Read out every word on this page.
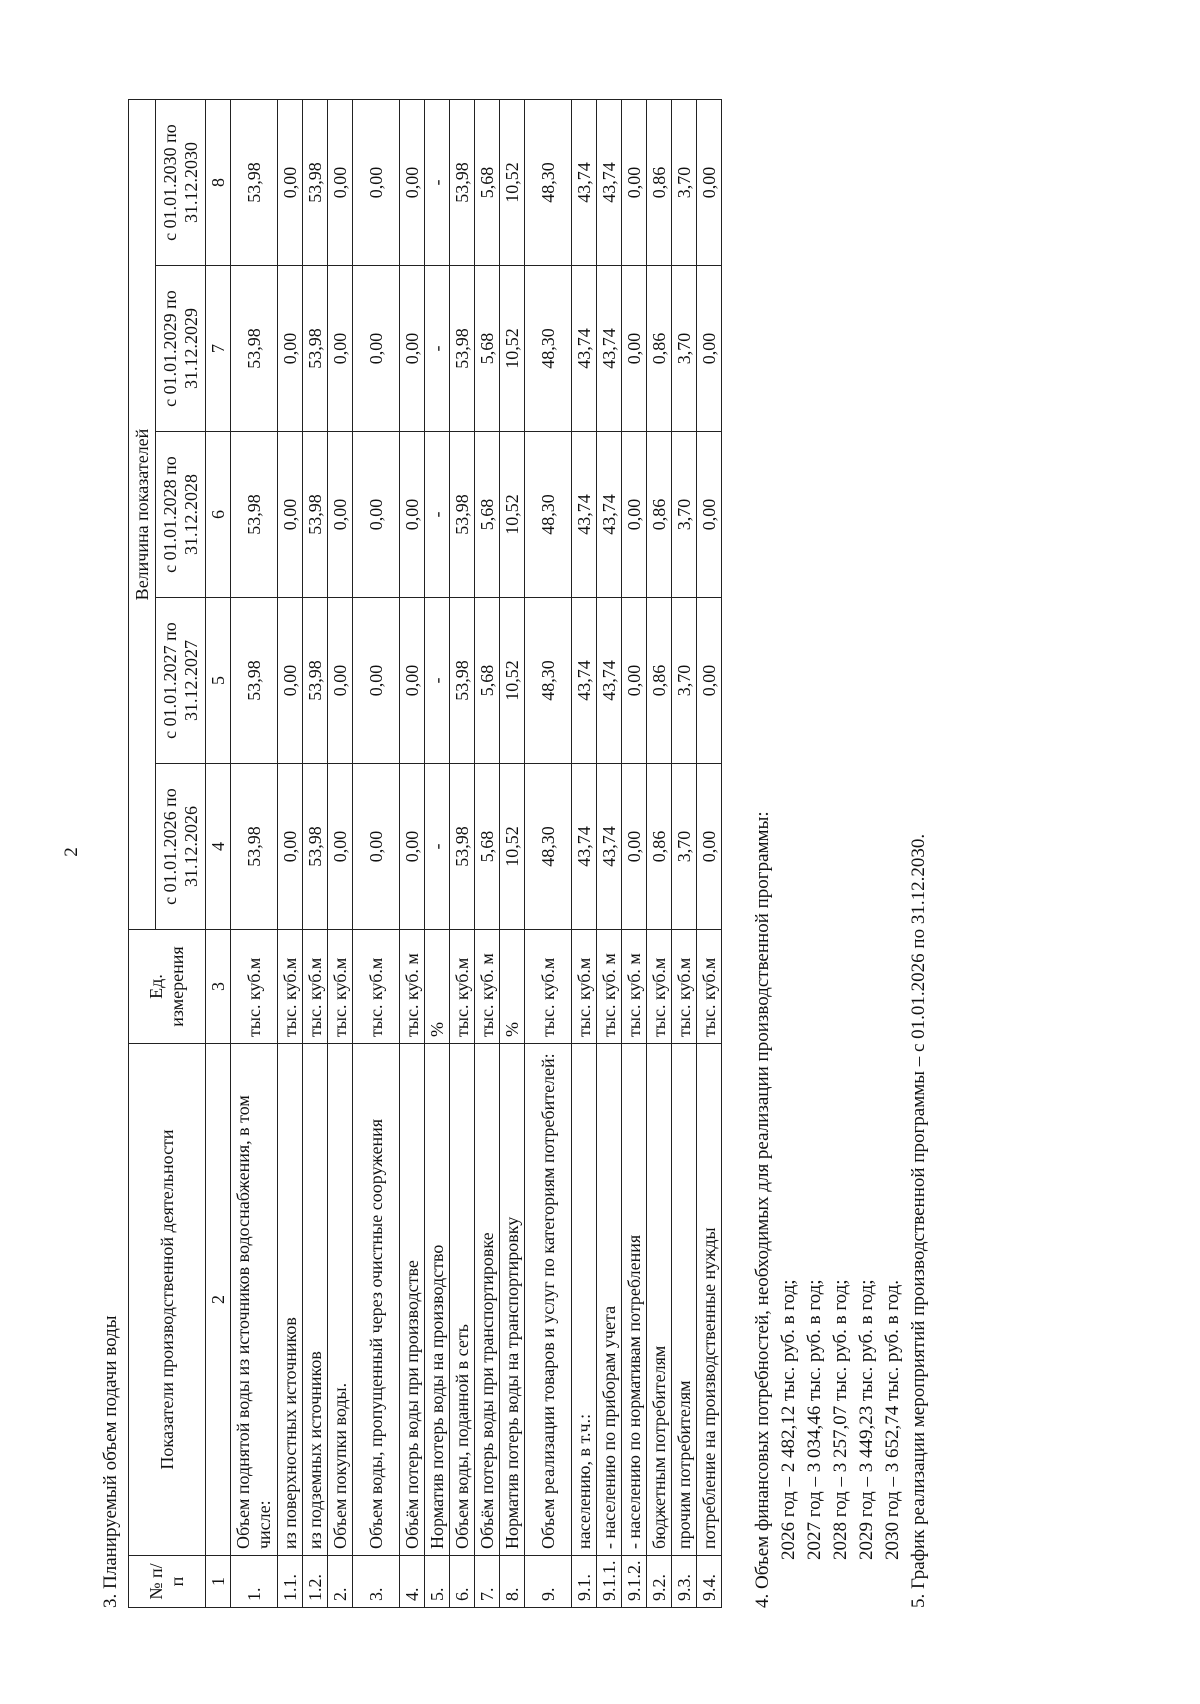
2
3. Планируемый объем подачи воды № п/п	Показатели производственной деятельности	Ед. измерения	Величина показателей				
			с 01.01.2026 по 31.12.2026	с 01.01.2027 по 31.12.2027	с 01.01.2028 по 31.12.2028	с 01.01.2029 по 31.12.2029	с 01.01.2030 по 31.12.2030
1	2	3	4	5	6	7	8
1.	Объем поднятой воды из источников водоснабжения, в том числе:	тыс. куб.м	53,98	53,98	53,98	53,98	53,98
1.1.	из поверхностных источников	тыс. куб.м	0,00	0,00	0,00	0,00	0,00
1.2.	из подземных источников	тыс. куб.м	53,98	53,98	53,98	53,98	53,98
2.	Объем покупки воды.	тыс. куб.м	0,00	0,00	0,00	0,00	0,00
3.	Объем воды, пропущенный через очистные сооружения	тыс. куб.м	0,00	0,00	0,00	0,00	0,00
4.	Объём потерь воды при производстве	тыс. куб. м	0,00	0,00	0,00	0,00	0,00
5.	Норматив потерь воды на производство	%	-	-	-	-	-
6.	Объем воды, поданной в сеть	тыс. куб.м	53,98	53,98	53,98	53,98	53,98
7.	Объём потерь воды при транспортировке	тыс. куб. м	5,68	5,68	5,68	5,68	5,68
8.	Норматив потерь воды на транспортировку	%	10,52	10,52	10,52	10,52	10,52
9.	Объем реализации товаров и услуг по категориям потребителей:	тыс. куб.м	48,30	48,30	48,30	48,30	48,30
9.1.	населению, в т.ч.:	тыс. куб.м	43,74	43,74	43,74	43,74	43,74
9.1.1.	- населению по приборам учета	тыс. куб. м	43,74	43,74	43,74	43,74	43,74
9.1.2.	- населению по нормативам потребления	тыс. куб. м	0,00	0,00	0,00	0,00	0,00
9.2.	бюджетным потребителям	тыс. куб.м	0,86	0,86	0,86	0,86	0,86
9.3.	прочим потребителям	тыс. куб.м	3,70	3,70	3,70	3,70	3,70
9.4.	потребление на производственные нужды	тыс. куб.м	0,00	0,00	0,00	0,00	0,00
4. Объем финансовых потребностей, необходимых для реализации производственной программы: 2026 год – 2 482,12 тыс. руб. в год; 2027 год – 3 034,46 тыс. руб. в год; 2028 год – 3 257,07 тыс. руб. в год; 2029 год – 3 449,23 тыс. руб. в год; 2030 год – 3 652,74 тыс. руб. в год. 5. График реализации мероприятий производственной программы – с 01.01.2026 по 31.12.2030.
